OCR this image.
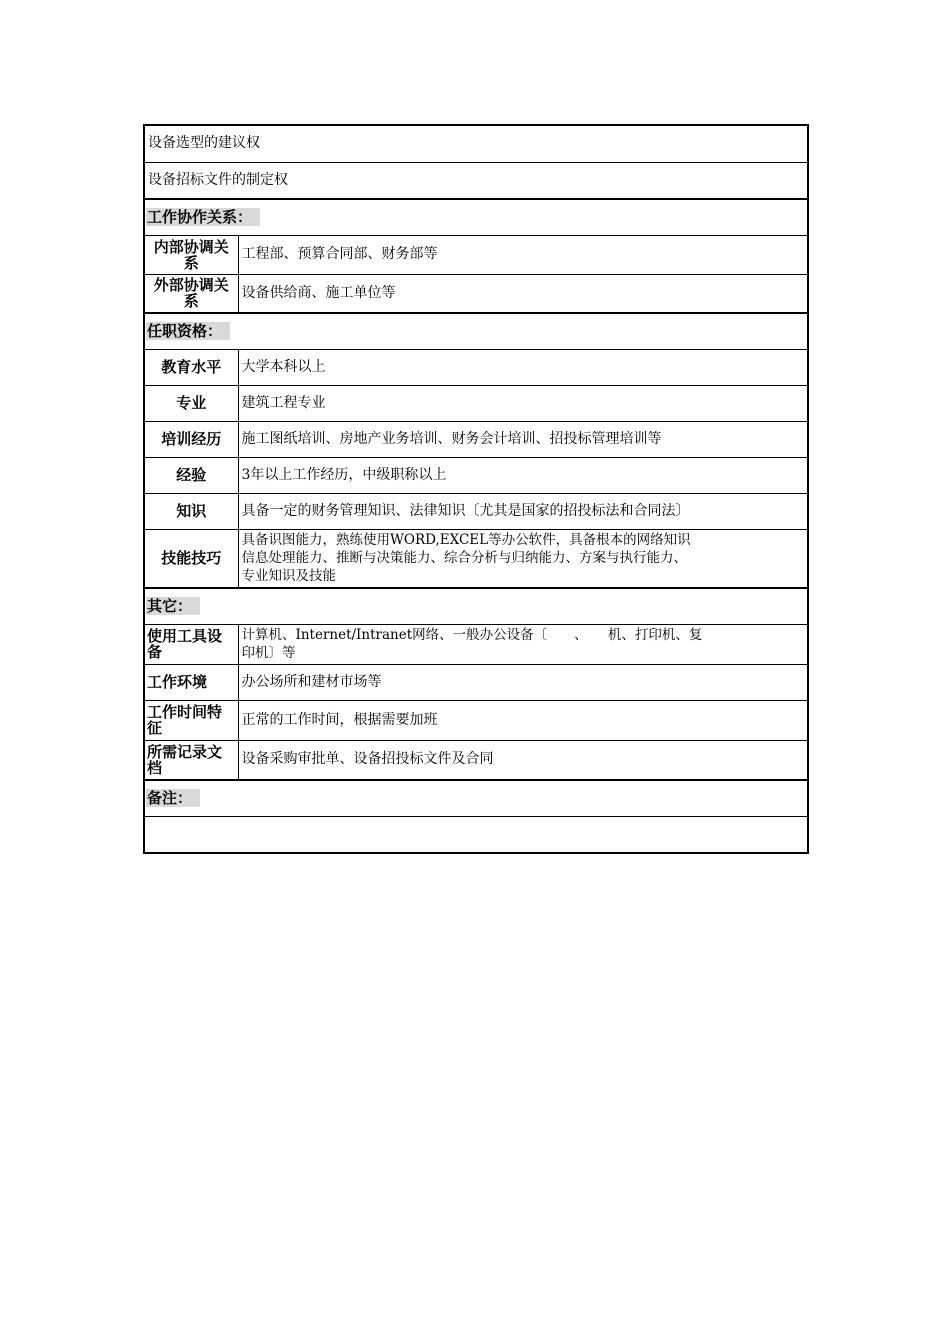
设备选型的建议权	
设备招标文件的制定权	
工作协作关系：	
内部协调关系	工程部、预算合同部、财务部等
外部协调关系	设备供给商、施工单位等
任职资格：	
教育水平	大学本科以上
专业	建筑工程专业
培训经历	施工图纸培训、房地产业务培训、财务会计培训、招投标管理培训等
经验	3年以上工作经历，中级职称以上
知识	具备一定的财务管理知识、法律知识〔尤其是国家的招投标法和合同法〕
技能技巧	具备识图能力，熟练使用WORD,EXCEL等办公软件，具备根本的网络知识
信息处理能力、推断与决策能力、综合分析与归纳能力、方案与执行能力、
专业知识及技能

其它：	
使用工具设备	计算机、Internet/Intranet网络、一般办公设备〔　　、　　机、打印机、复
印机〕等

工作环境	办公场所和建材市场等
工作时间特征	正常的工作时间，根据需要加班
所需记录文档	设备采购审批单、设备招投标文件及合同
备注：	
